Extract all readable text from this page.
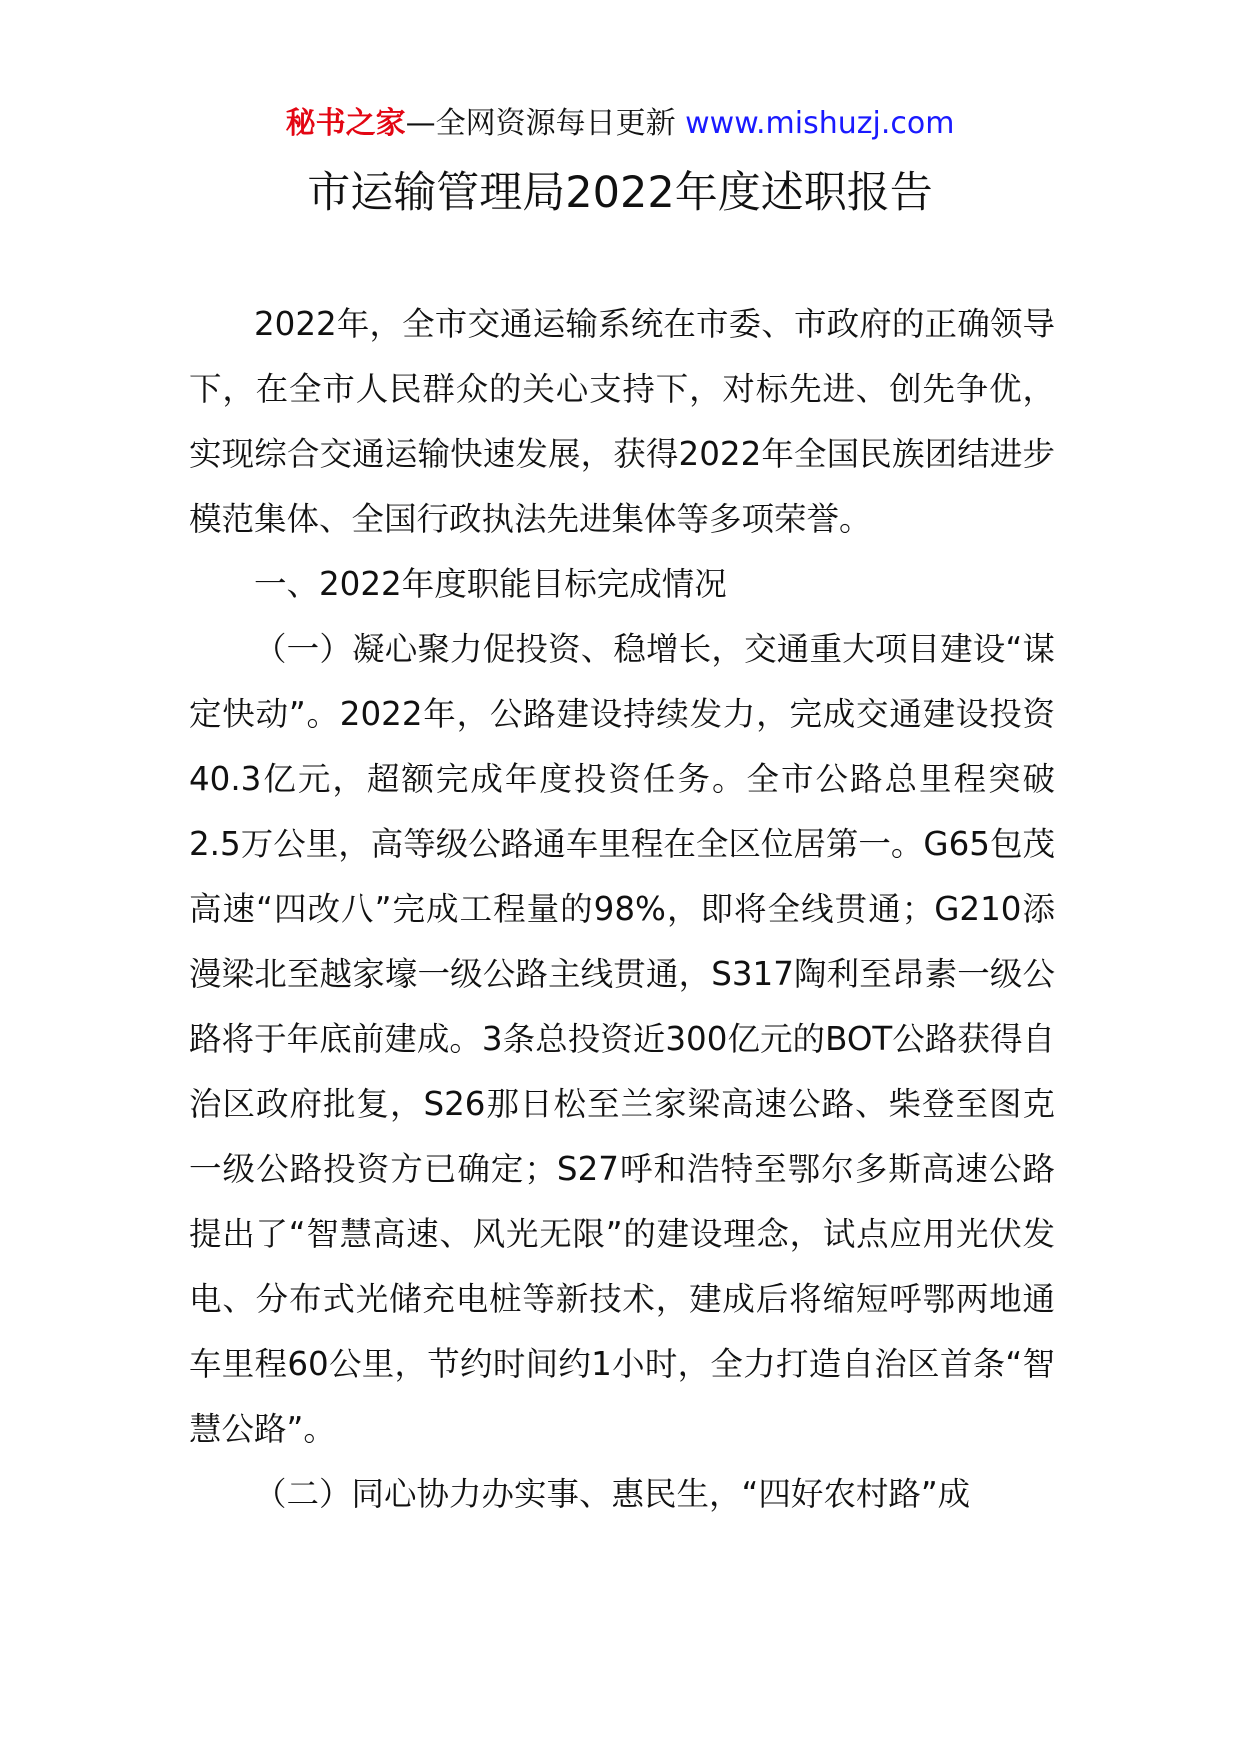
秘书之家—全网资源每日更新 www.mishuzj.com
市运输管理局2022年度述职报告

2022年，全市交通运输系统在市委、市政府的正确领导下，在全市人民群众的关心支持下，对标先进、创先争优，实现综合交通运输快速发展，获得2022年全国民族团结进步模范集体、全国行政执法先进集体等多项荣誉。

一、2022年度职能目标完成情况

（一）凝心聚力促投资、稳增长，交通重大项目建设“谋定快动”。2022年，公路建设持续发力，完成交通建设投资40.3亿元，超额完成年度投资任务。全市公路总里程突破2.5万公里，高等级公路通车里程在全区位居第一。G65包茂高速“四改八”完成工程量的98%，即将全线贯通；G210添漫梁北至越家壕一级公路主线贯通，S317陶利至昂素一级公路将于年底前建成。3条总投资近300亿元的BOT公路获得自治区政府批复，S26那日松至兰家梁高速公路、柴登至图克一级公路投资方已确定；S27呼和浩特至鄂尔多斯高速公路提出了“智慧高速、风光无限”的建设理念，试点应用光伏发电、分布式光储充电桩等新技术，建成后将缩短呼鄂两地通车里程60公里，节约时间约1小时，全力打造自治区首条“智慧公路”。

（二）同心协力办实事、惠民生，“四好农村路”成
